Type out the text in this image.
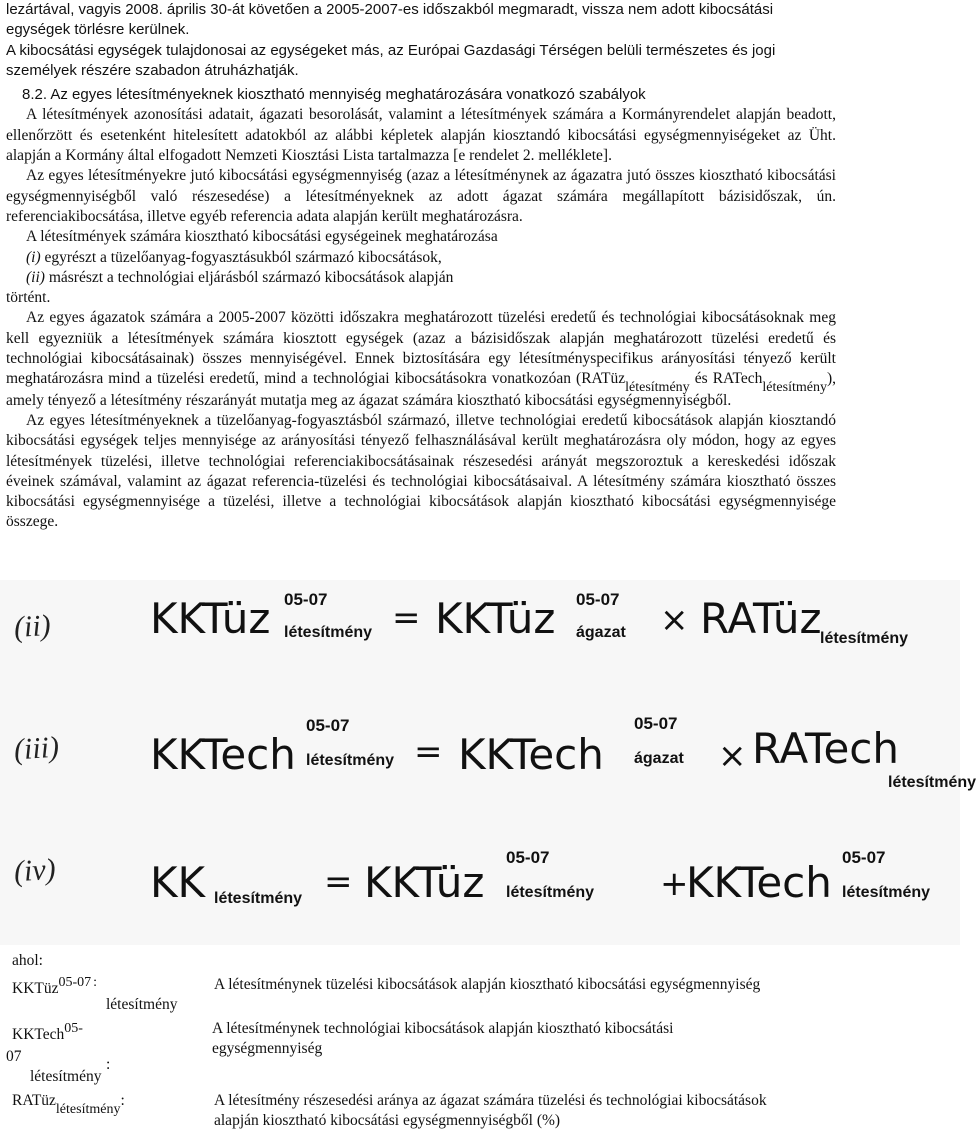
lezártával, vagyis 2008. április 30-át követően a 2005-2007-es időszakból megmaradt, vissza nem adott kibocsátási

egységek törlésre kerülnek.

A kibocsátási egységek tulajdonosai az egységeket más, az Európai Gazdasági Térségen belüli természetes és jogi

személyek részére szabadon átruházhatják.

8.2. Az egyes létesítményeknek kiosztható mennyiség meghatározására vonatkozó szabályok

A létesítmények azonosítási adatait, ágazati besorolását, valamint a létesítmények számára a Kormányrendelet alapján beadott, ellenőrzött és esetenként hitelesített adatokból az alábbi képletek alapján kiosztandó kibocsátási egységmennyiségeket az Üht. alapján a Kormány által elfogadott Nemzeti Kiosztási Lista tartalmazza [e rendelet 2. melléklete].

Az egyes létesítményekre jutó kibocsátási egységmennyiség (azaz a létesítménynek az ágazatra jutó összes kiosztható kibocsátási egységmennyiségből való részesedése) a létesítményeknek az adott ágazat számára megállapított bázisidőszak, ún. referenciakibocsátása, illetve egyéb referencia adata alapján került meghatározásra.

A létesítmények számára kiosztható kibocsátási egységeinek meghatározása

(i) egyrészt a tüzelőanyag-fogyasztásukból származó kibocsátások,

(ii) másrészt a technológiai eljárásból származó kibocsátások alapján

történt.

Az egyes ágazatok számára a 2005-2007 közötti időszakra meghatározott tüzelési eredetű és technológiai kibocsátásoknak meg kell egyezniük a létesítmények számára kiosztott egységek (azaz a bázisidőszak alapján meghatározott tüzelési eredetű és technológiai kibocsátásainak) összes mennyiségével. Ennek biztosítására egy létesítményspecifikus arányosítási tényező került meghatározásra mind a tüzelési eredetű, mind a technológiai kibocsátásokra vonatkozóan (RATüzlétesítmény és RATechlétesítmény), amely tényező a létesítmény részarányát mutatja meg az ágazat számára kiosztható kibocsátási egységmennyiségből.

Az egyes létesítményeknek a tüzelőanyag-fogyasztásból származó, illetve technológiai eredetű kibocsátások alapján kiosztandó kibocsátási egységek teljes mennyisége az arányosítási tényező felhasználásával került meghatározásra oly módon, hogy az egyes létesítmények tüzelési, illetve technológiai referenciakibocsátásainak részesedési arányát megszoroztuk a kereskedési időszak éveinek számával, valamint az ágazat referencia-tüzelési és technológiai kibocsátásaival. A létesítmény számára kiosztható összes kibocsátási egységmennyisége a tüzelési, illetve a technológiai kibocsátások alapján kiosztható kibocsátási egységmennyisége összege.

(ii) KKTüz 05-07
létesítmény = KKTüz 05-07
ágazat × RATüz
létesítmény
(iii) KKTech
05-07
létesítmény = KKTech
05-07
ágazat × RATech
létesítmény
(iv) KK létesítmény = KKTüz
05-07
létesítmény +
KKTech
05-07
létesítmény
ahol:
KKTüz05-07 :
létesítmény
A létesítménynek tüzelési kibocsátások alapján kiosztható kibocsátási egységmennyiség
KKTech05-
07
létesítmény
:
A létesítménynek technológiai kibocsátások alapján kiosztható kibocsátási
egységmennyiség
RATüzlétesítmény:	A létesítmény részesedési aránya az ágazat számára tüzelési és technológiai kibocsátások
alapján kiosztható kibocsátási egységmennyiségből (%)
